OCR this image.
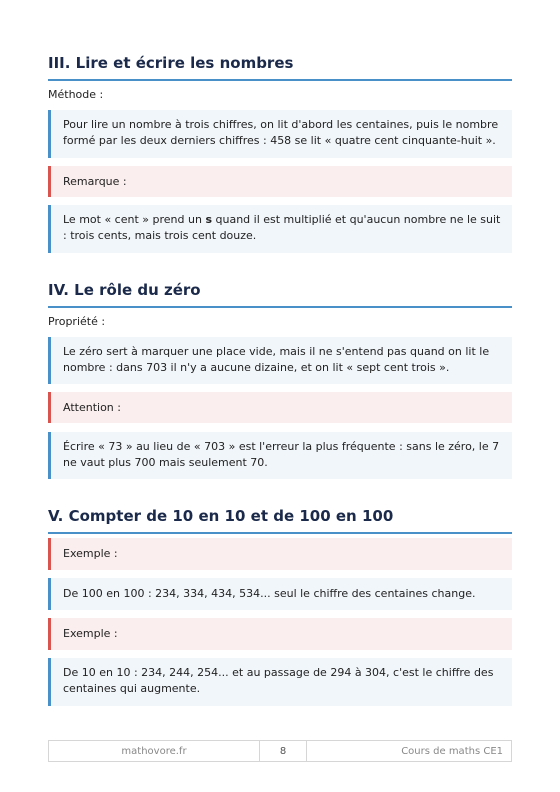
III. Lire et écrire les nombres
Méthode :

Pour lire un nombre à trois chiffres, on lit d'abord les centaines, puis le nombre formé par les deux derniers chiffres : 458 se lit « quatre cent cinquante-huit ».

Remarque :

Le mot « cent » prend un s quand il est multiplié et qu'aucun nombre ne le suit : trois cents, mais trois cent douze.

IV. Le rôle du zéro
Propriété :

Le zéro sert à marquer une place vide, mais il ne s'entend pas quand on lit le nombre : dans 703 il n'y a aucune dizaine, et on lit « sept cent trois ».

Attention :

Écrire « 73 » au lieu de « 703 » est l'erreur la plus fréquente : sans le zéro, le 7 ne vaut plus 700 mais seulement 70.

V. Compter de 10 en 10 et de 100 en 100

Exemple :

De 100 en 100 : 234, 334, 434, 534... seul le chiffre des centaines change.

Exemple :

De 10 en 10 : 234, 244, 254... et au passage de 294 à 304, c'est le chiffre des centaines qui augmente.

mathovore.fr	8	Cours de maths CE1
